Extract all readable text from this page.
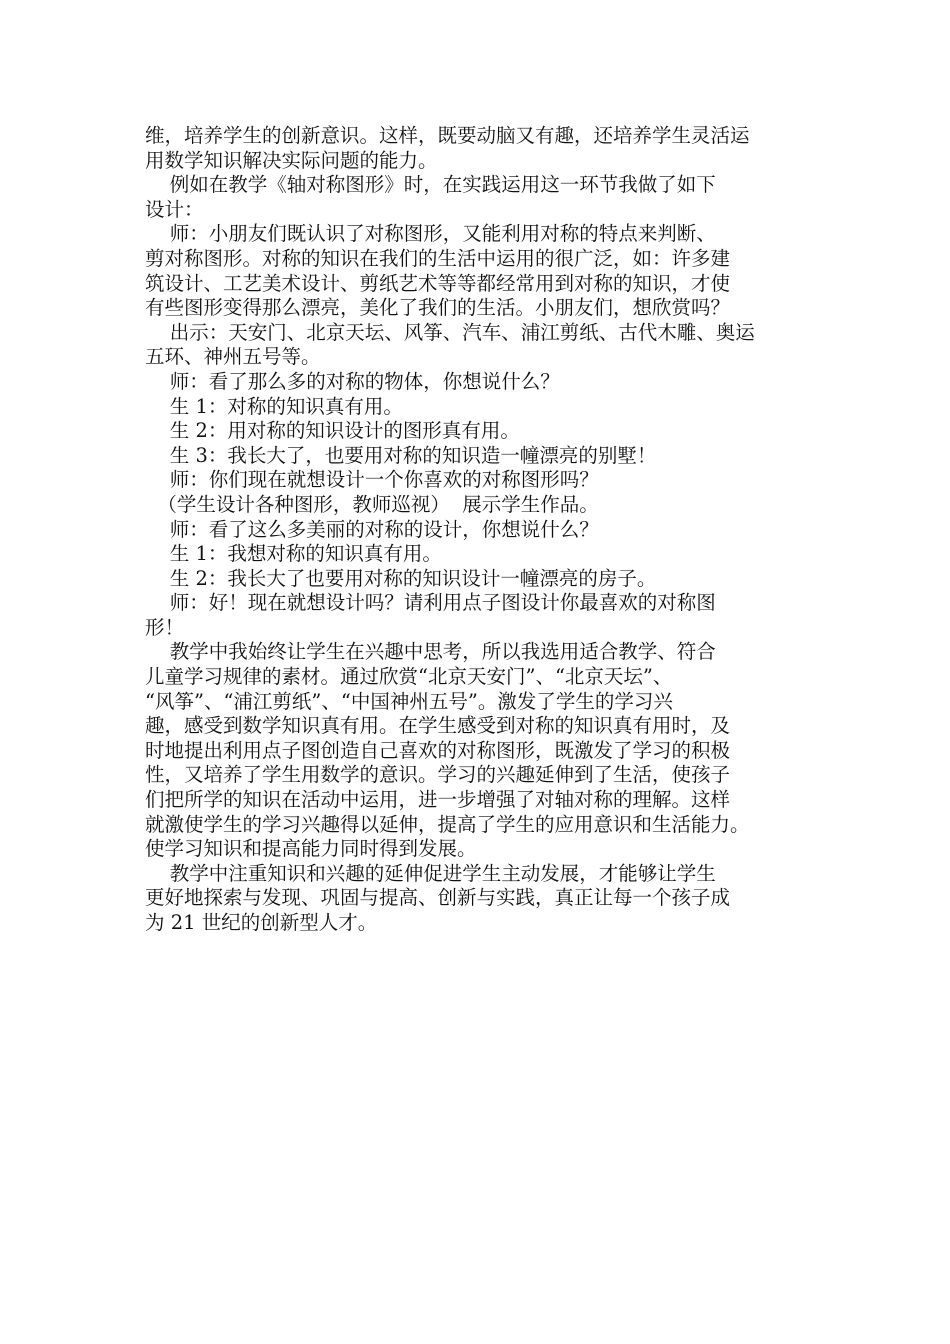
维，培养学生的创新意识。这样，既要动脑又有趣，还培养学生灵活运
用数学知识解决实际问题的能力。
例如在教学《轴对称图形》时，在实践运用这一环节我做了如下
设计：
师：小朋友们既认识了对称图形，又能利用对称的特点来判断、
剪对称图形。对称的知识在我们的生活中运用的很广泛，如：许多建
筑设计、工艺美术设计、剪纸艺术等等都经常用到对称的知识，才使
有些图形变得那么漂亮，美化了我们的生活。小朋友们，想欣赏吗？
出示：天安门、北京天坛、风筝、汽车、浦江剪纸、古代木雕、奥运
五环、神州五号等。
师：看了那么多的对称的物体，你想说什么？
生 1：对称的知识真有用。
生 2：用对称的知识设计的图形真有用。
生 3：我长大了，也要用对称的知识造一幢漂亮的别墅！
师：你们现在就想设计一个你喜欢的对称图形吗？
（学生设计各种图形，教师巡视）  展示学生作品。
师：看了这么多美丽的对称的设计，你想说什么？
生 1：我想对称的知识真有用。
生 2：我长大了也要用对称的知识设计一幢漂亮的房子。
师：好！现在就想设计吗？请利用点子图设计你最喜欢的对称图
形！
教学中我始终让学生在兴趣中思考，所以我选用适合教学、符合
儿童学习规律的素材。通过欣赏“北京天安门”、“北京天坛”、
“风筝”、“浦江剪纸”、“中国神州五号”。激发了学生的学习兴
趣，感受到数学知识真有用。在学生感受到对称的知识真有用时，及
时地提出利用点子图创造自己喜欢的对称图形，既激发了学习的积极
性，又培养了学生用数学的意识。学习的兴趣延伸到了生活，使孩子
们把所学的知识在活动中运用，进一步增强了对轴对称的理解。这样
就激使学生的学习兴趣得以延伸，提高了学生的应用意识和生活能力。
使学习知识和提高能力同时得到发展。
教学中注重知识和兴趣的延伸促进学生主动发展，才能够让学生
更好地探索与发现、巩固与提高、创新与实践，真正让每一个孩子成
为 21 世纪的创新型人才。
